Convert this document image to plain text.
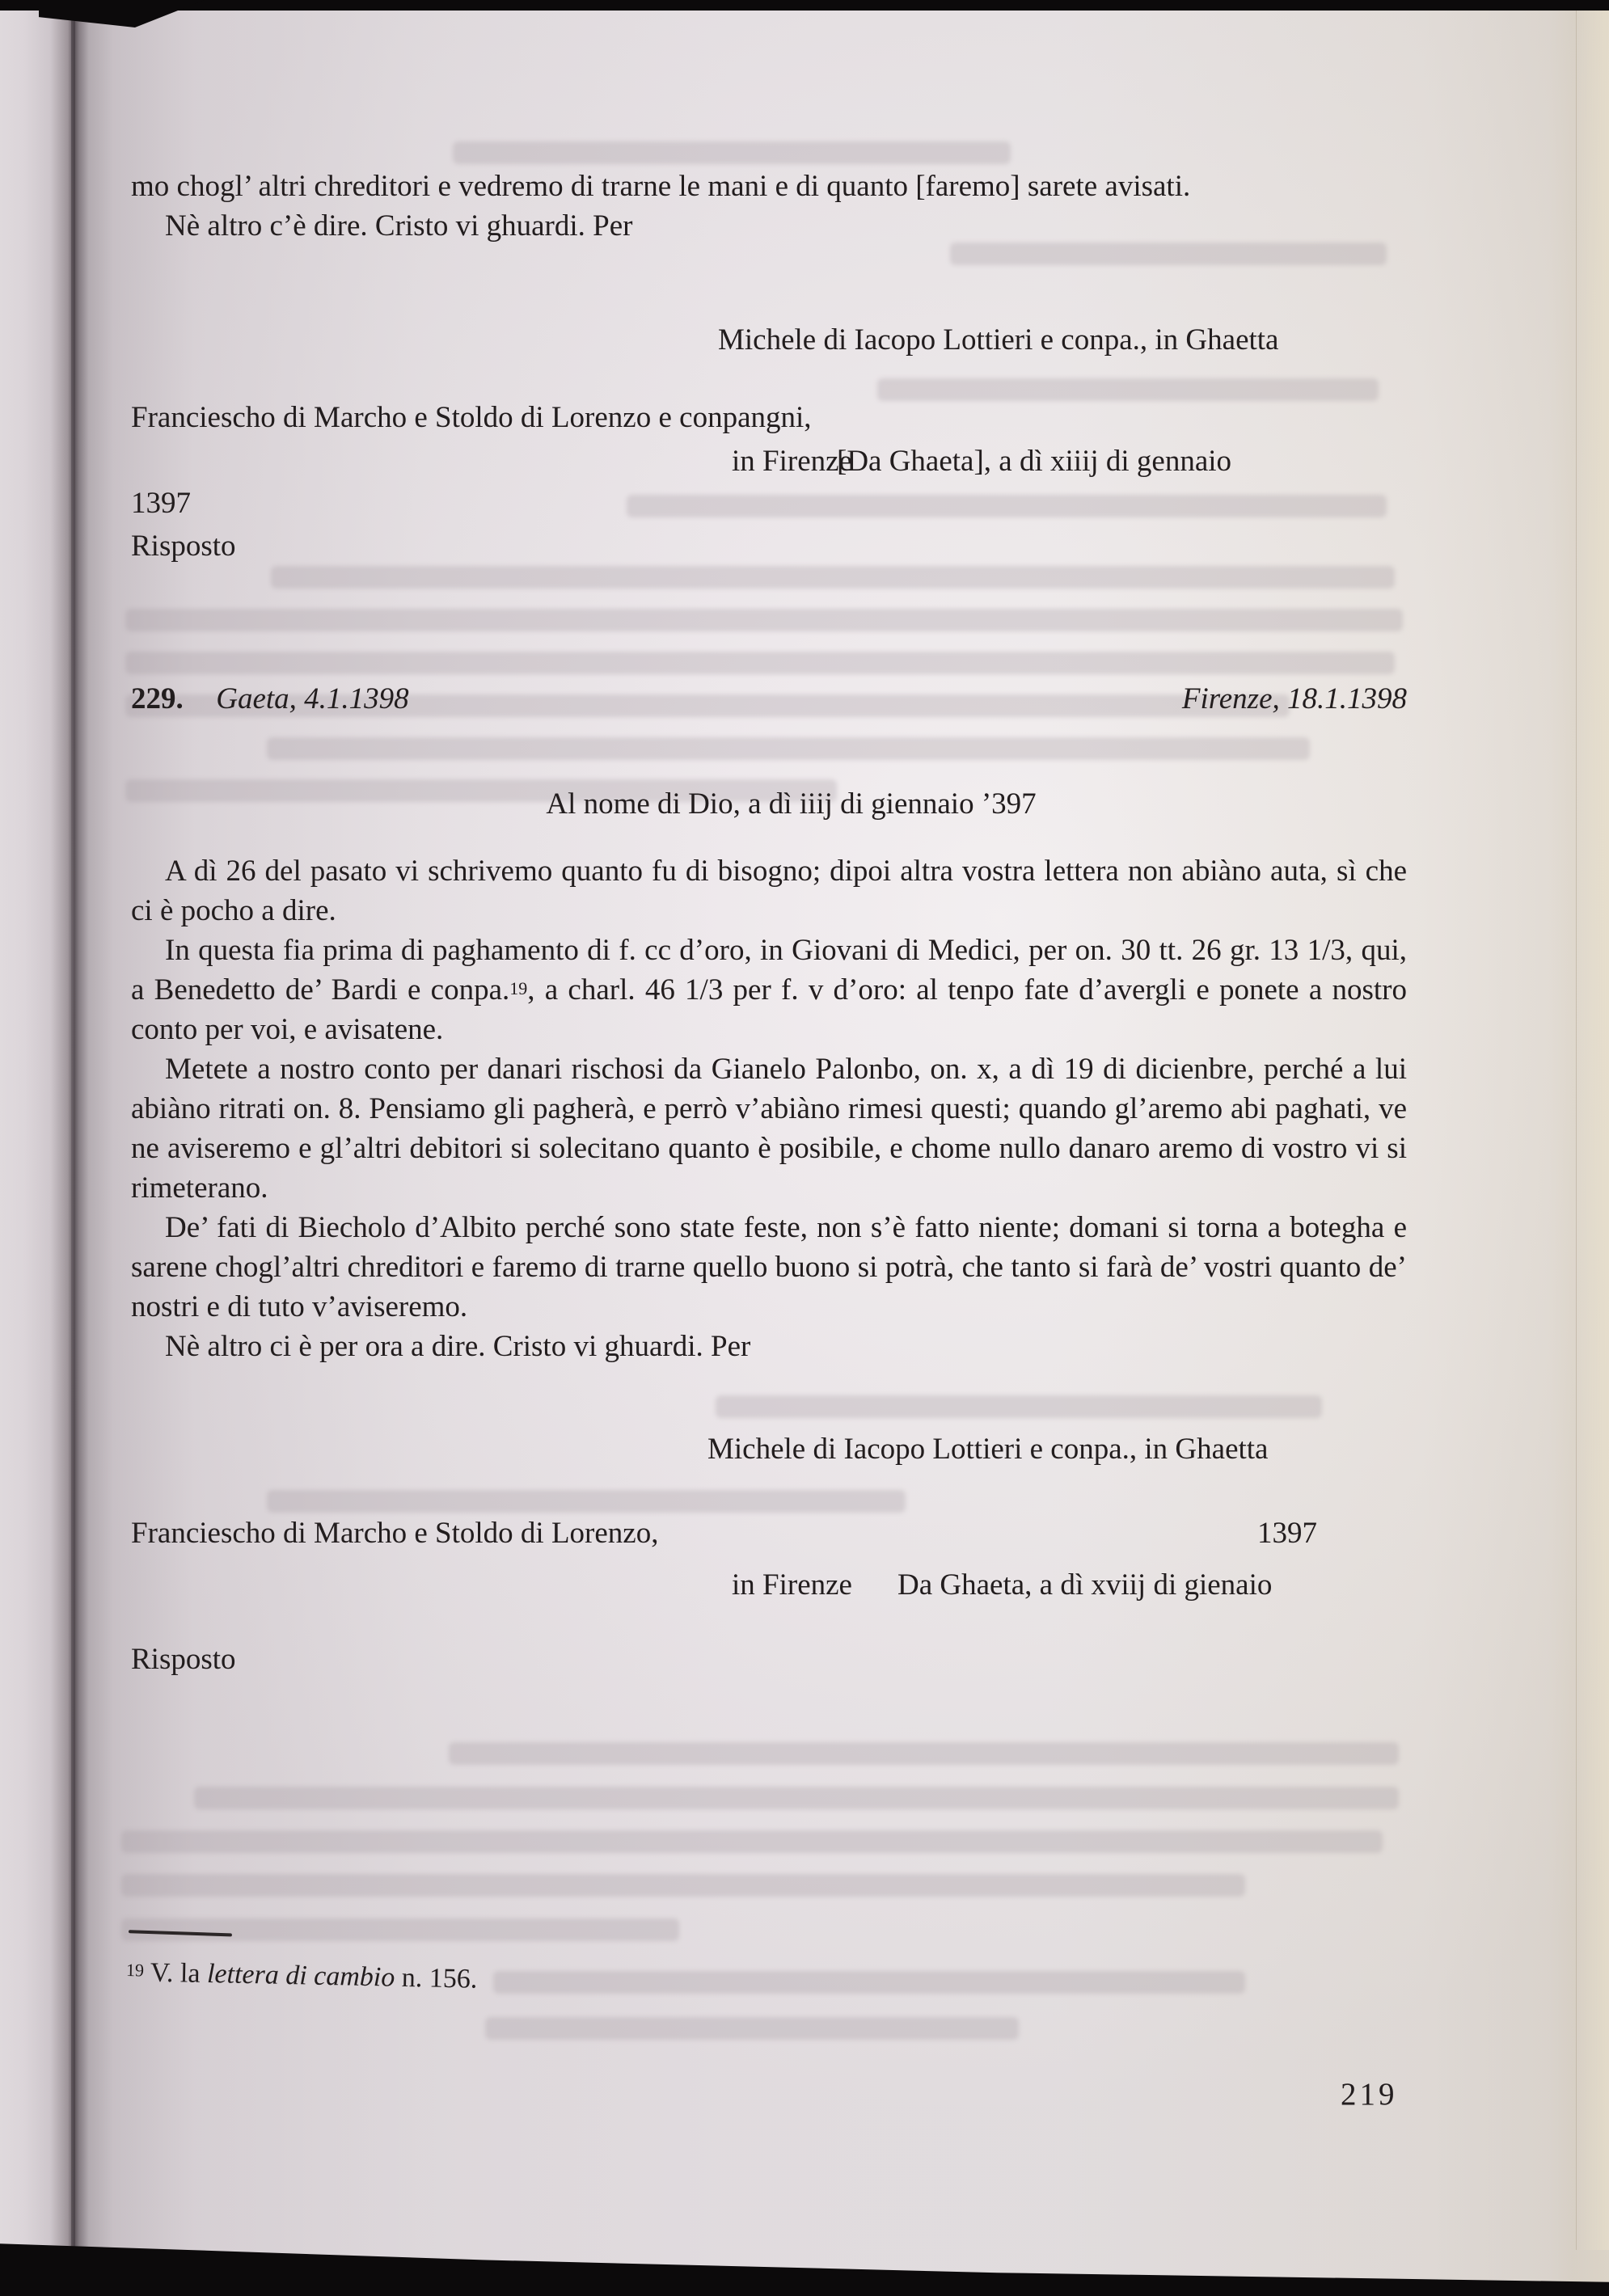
mo chogl’ altri chreditori e vedremo di trarne le mani e di quanto [faremo] sarete avisati.
Nè altro c’è dire. Cristo vi ghuardi. Per
Michele di Iacopo Lottieri e conpa., in Ghaetta
Franciescho di Marcho e Stoldo di Lorenzo e conpangni,
in Firenze
[Da Ghaeta], a dì xiiij di gennaio
1397
Risposto
229. Gaeta, 4.1.1398	Firenze, 18.1.1398
Al nome di Dio, a dì iiij di giennaio ’397

A dì 26 del pasato vi schrivemo quanto fu di bisogno; dipoi altra vostra lettera non abiàno auta, sì che ci è pocho a dire.

In questa fia prima di paghamento di f. cc d’oro, in Giovani di Medici, per on. 30 tt. 26 gr. 13 1/3, qui, a Benedetto de’ Bardi e conpa.$^{19}$, a charl. 46 1/3 per f. v d’oro: al tenpo fate d’avergli e ponete a nostro conto per voi, e avisatene.

Metete a nostro conto per danari rischosi da Gianelo Palonbo, on. x, a dì 19 di dicienbre, perché a lui abiàno ritrati on. 8. Pensiamo gli pagherà, e perrò v’abiàno rimesi questi; quando gl’aremo abi paghati, ve ne aviseremo e gl’altri debitori si solecitano quanto è posibile, e chome nullo danaro aremo di vostro vi si rimeterano.

De’ fati di Biecholo d’Albito perché sono state feste, non s’è fatto niente; domani si torna a botegha e sarene chogl’altri chreditori e faremo di trarne quello buono si potrà, che tanto si farà de’ vostri quanto de’ nostri e di tuto v’aviseremo.

Nè altro ci è per ora a dire. Cristo vi ghuardi. Per

Michele di Iacopo Lottieri e conpa., in Ghaetta
Franciescho di Marcho e Stoldo di Lorenzo,	1397
in Firenze Da Ghaeta, a dì xviij di gienaio
Risposto
$^{19}$ V. la lettera di cambio n. 156.
219
